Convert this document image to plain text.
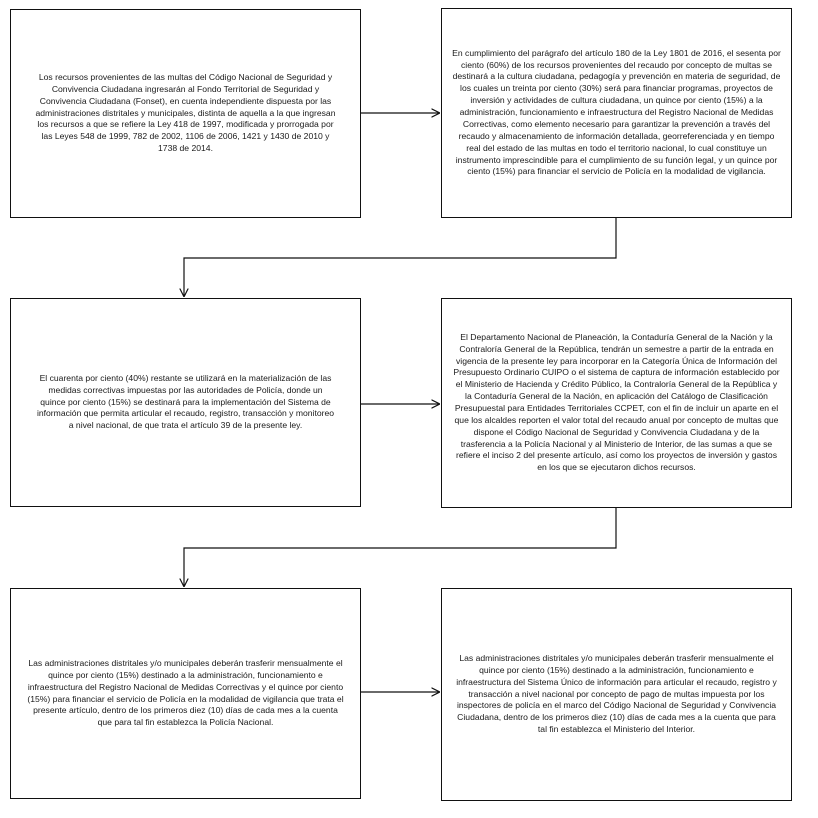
Los recursos provenientes de las multas del Código Nacional de Seguridad y Convivencia Ciudadana ingresarán al Fondo Territorial de Seguridad y Convivencia Ciudadana (Fonset), en cuenta independiente dispuesta por las administraciones distritales y municipales, distinta de aquella a la que ingresan los recursos a que se refiere la Ley 418 de 1997, modificada y prorrogada por las Leyes 548 de 1999, 782 de 2002, 1106 de 2006, 1421 y 1430 de 2010 y 1738 de 2014.

En cumplimiento del parágrafo del artículo 180 de la Ley 1801 de 2016, el sesenta por ciento (60%) de los recursos provenientes del recaudo por concepto de multas se destinará a la cultura ciudadana, pedagogía y prevención en materia de seguridad, de los cuales un treinta por ciento (30%) será para financiar programas, proyectos de inversión y actividades de cultura ciudadana, un quince por ciento (15%) a la administración, funcionamiento e infraestructura del Registro Nacional de Medidas Correctivas, como elemento necesario para garantizar la prevención a través del recaudo y almacenamiento de información detallada, georreferenciada y en tiempo real del estado de las multas en todo el territorio nacional, lo cual constituye un instrumento imprescindible para el cumplimiento de su función legal, y un quince por ciento (15%) para financiar el servicio de Policía en la modalidad de vigilancia.

El cuarenta por ciento (40%) restante se utilizará en la materialización de las medidas correctivas impuestas por las autoridades de Policía, donde un quince por ciento (15%) se destinará para la implementación del Sistema de información que permita articular el recaudo, registro, transacción y monitoreo a nivel nacional, de que trata el artículo 39 de la presente ley.

El Departamento Nacional de Planeación, la Contaduría General de la Nación y la Contraloría General de la República, tendrán un semestre a partir de la entrada en vigencia de la presente ley para incorporar en la Categoría Única de Información del Presupuesto Ordinario CUIPO o el sistema de captura de información establecido por el Ministerio de Hacienda y Crédito Público, la Contraloría General de la República y la Contaduría General de la Nación, en aplicación del Catálogo de Clasificación Presupuestal para Entidades Territoriales CCPET, con el fin de incluir un aparte en el que los alcaldes reporten el valor total del recaudo anual por concepto de multas que dispone el Código Nacional de Seguridad y Convivencia Ciudadana y de la trasferencia a la Policía Nacional y al Ministerio de Interior, de las sumas a que se refiere el inciso 2 del presente artículo, así como los proyectos de inversión y gastos en los que se ejecutaron dichos recursos.

Las administraciones distritales y/o municipales deberán trasferir mensualmente el quince por ciento (15%) destinado a la administración, funcionamiento e infraestructura del Registro Nacional de Medidas Correctivas y el quince por ciento (15%) para financiar el servicio de Policía en la modalidad de vigilancia que trata el presente artículo, dentro de los primeros diez (10) días de cada mes a la cuenta que para tal fin establezca la Policía Nacional.

Las administraciones distritales y/o municipales deberán trasferir mensualmente el quince por ciento (15%) destinado a la administración, funcionamiento e infraestructura del Sistema Único de información para articular el recaudo, registro y transacción a nivel nacional por concepto de pago de multas impuesta por los inspectores de policía en el marco del Código Nacional de Seguridad y Convivencia Ciudadana, dentro de los primeros diez (10) días de cada mes a la cuenta que para tal fin establezca el Ministerio del Interior.
